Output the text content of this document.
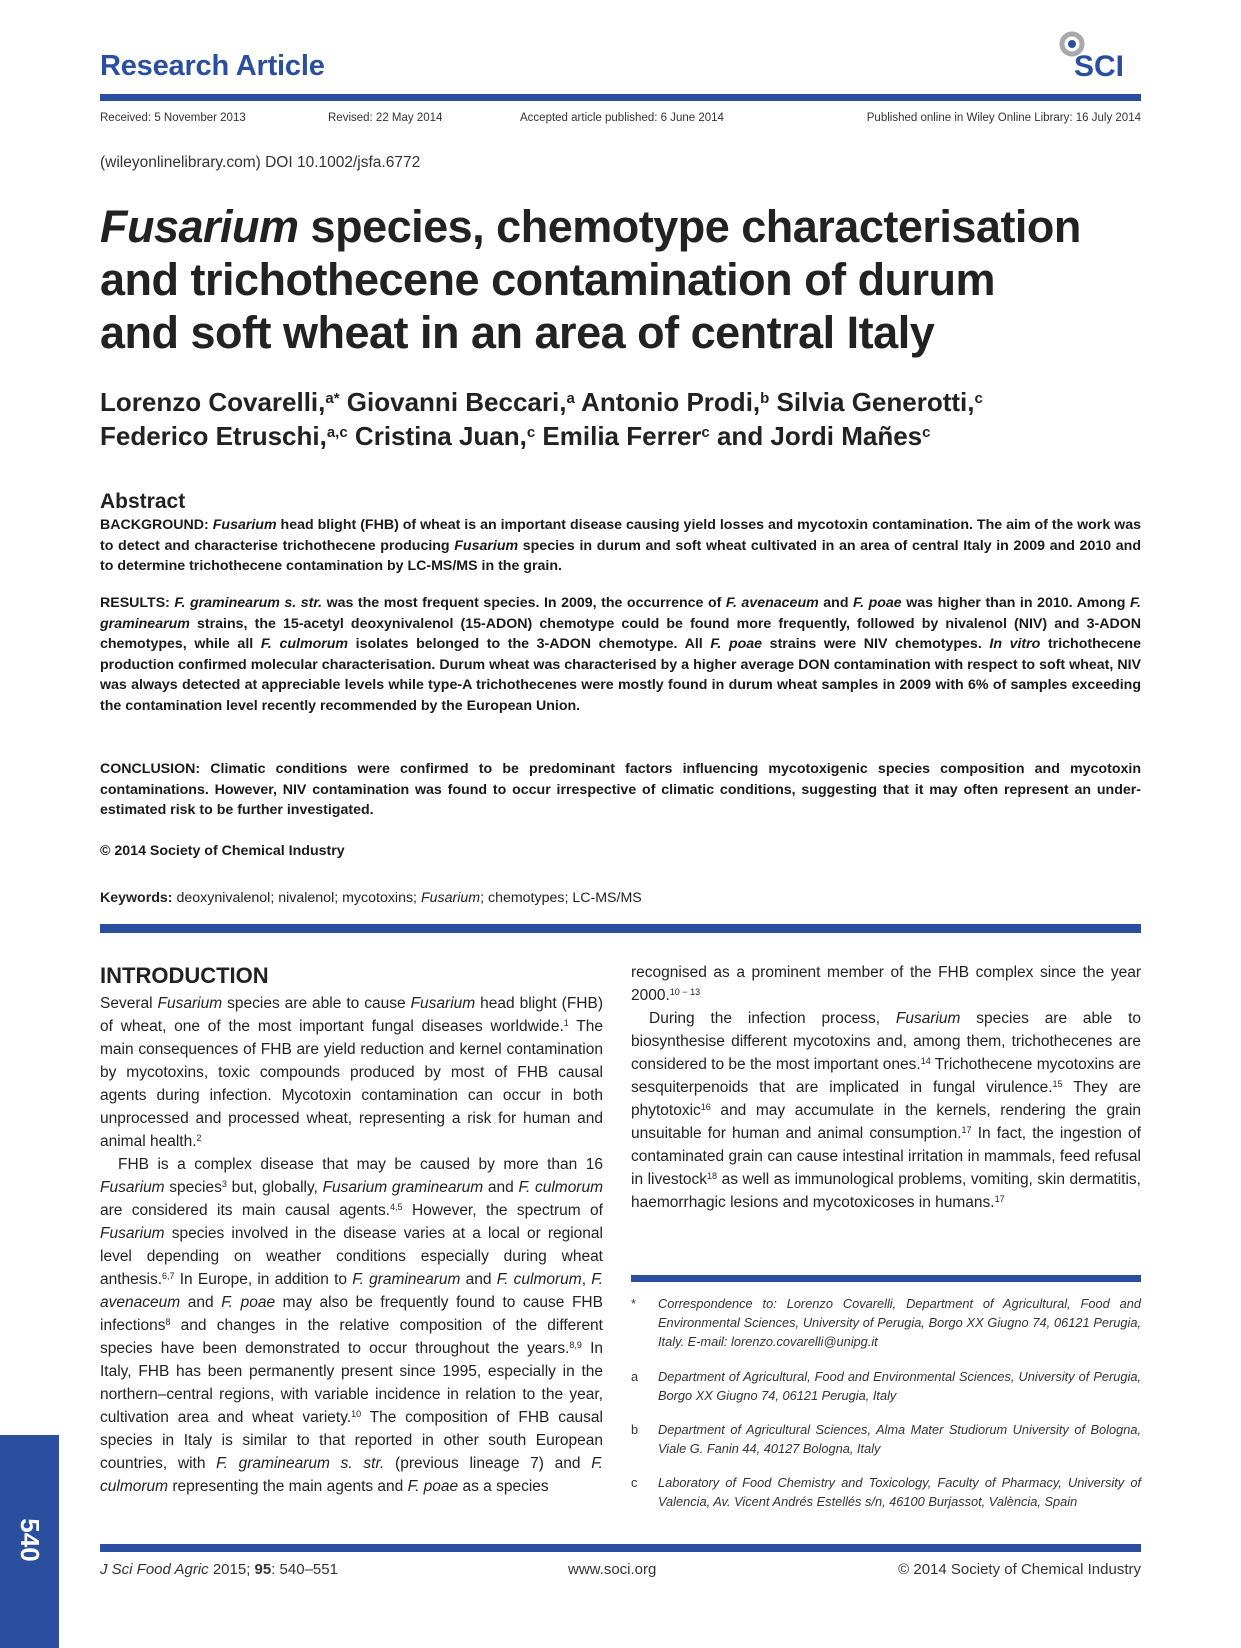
Research Article	SCI
Received: 5 November 2013	Revised: 22 May 2014	Accepted article published: 6 June 2014	Published online in Wiley Online Library: 16 July 2014
(wileyonlinelibrary.com) DOI 10.1002/jsfa.6772
Fusarium species, chemotype characterisation
and trichothecene contamination of durum
and soft wheat in an area of central Italy
Lorenzo Covarelli,$^{a*}$ Giovanni Beccari,$^a$ Antonio Prodi,$^b$ Silvia Generotti,$^c$
Federico Etruschi,$^{a,c}$ Cristina Juan,$^c$ Emilia Ferrer$^c$ and Jordi Mañes$^c$
Abstract
BACKGROUND: Fusarium head blight (FHB) of wheat is an important disease causing yield losses and mycotoxin contamination. The aim of the work was to detect and characterise trichothecene producing Fusarium species in durum and soft wheat cultivated in an area of central Italy in 2009 and 2010 and to determine trichothecene contamination by LC-MS/MS in the grain.
RESULTS: F. graminearum s. str. was the most frequent species. In 2009, the occurrence of F. avenaceum and F. poae was higher than in 2010. Among F. graminearum strains, the 15-acetyl deoxynivalenol (15-ADON) chemotype could be found more frequently, followed by nivalenol (NIV) and 3-ADON chemotypes, while all F. culmorum isolates belonged to the 3-ADON chemotype. All F. poae strains were NIV chemotypes. In vitro trichothecene production confirmed molecular characterisation. Durum wheat was characterised by a higher average DON contamination with respect to soft wheat, NIV was always detected at appreciable levels while type-A trichothecenes were mostly found in durum wheat samples in 2009 with 6% of samples exceeding the contamination level recently recommended by the European Union.
CONCLUSION: Climatic conditions were confirmed to be predominant factors influencing mycotoxigenic species composition and mycotoxin contaminations. However, NIV contamination was found to occur irrespective of climatic conditions, suggesting that it may often represent an under-estimated risk to be further investigated.
© 2014 Society of Chemical Industry
Keywords: deoxynivalenol; nivalenol; mycotoxins; Fusarium; chemotypes; LC-MS/MS
INTRODUCTION

Several Fusarium species are able to cause Fusarium head blight (FHB) of wheat, one of the most important fungal diseases worldwide.$^1$ The main consequences of FHB are yield reduction and kernel contamination by mycotoxins, toxic compounds produced by most of FHB causal agents during infection. Mycotoxin contamination can occur in both unprocessed and processed wheat, representing a risk for human and animal health.$^2$

FHB is a complex disease that may be caused by more than 16 Fusarium species$^3$ but, globally, Fusarium graminearum and F. culmorum are considered its main causal agents.$^{4,5}$ However, the spectrum of Fusarium species involved in the disease varies at a local or regional level depending on weather conditions especially during wheat anthesis.$^{6,7}$ In Europe, in addition to F. graminearum and F. culmorum, F. avenaceum and F. poae may also be frequently found to cause FHB infections$^8$ and changes in the relative composition of the different species have been demonstrated to occur throughout the years.$^{8,9}$ In Italy, FHB has been permanently present since 1995, especially in the northern–central regions, with variable incidence in relation to the year, cultivation area and wheat variety.$^{10}$ The composition of FHB causal species in Italy is similar to that reported in other south European countries, with F. graminearum s. str. (previous lineage 7) and F. culmorum representing the main agents and F. poae as a species

recognised as a prominent member of the FHB complex since the year 2000.$^{10 - 13}$

During the infection process, Fusarium species are able to biosynthesise different mycotoxins and, among them, trichothecenes are considered to be the most important ones.$^{14}$ Trichothecene mycotoxins are sesquiterpenoids that are implicated in fungal virulence.$^{15}$ They are phytotoxic$^{16}$ and may accumulate in the kernels, rendering the grain unsuitable for human and animal consumption.$^{17}$ In fact, the ingestion of contaminated grain can cause intestinal irritation in mammals, feed refusal in livestock$^{18}$ as well as immunological problems, vomiting, skin dermatitis, haemorrhagic lesions and mycotoxicoses in humans.$^{17}$

*	Correspondence to: Lorenzo Covarelli, Department of Agricultural, Food and Environmental Sciences, University of Perugia, Borgo XX Giugno 74, 06121 Perugia, Italy. E-mail: lorenzo.covarelli@unipg.it
a	Department of Agricultural, Food and Environmental Sciences, University of Perugia, Borgo XX Giugno 74, 06121 Perugia, Italy
b	Department of Agricultural Sciences, Alma Mater Studiorum University of Bologna, Viale G. Fanin 44, 40127 Bologna, Italy
c	Laboratory of Food Chemistry and Toxicology, Faculty of Pharmacy, University of Valencia, Av. Vicent Andrés Estellés s/n, 46100 Burjassot, València, Spain
J Sci Food Agric 2015; 95: 540–551	www.soci.org	© 2014 Society of Chemical Industry
540
